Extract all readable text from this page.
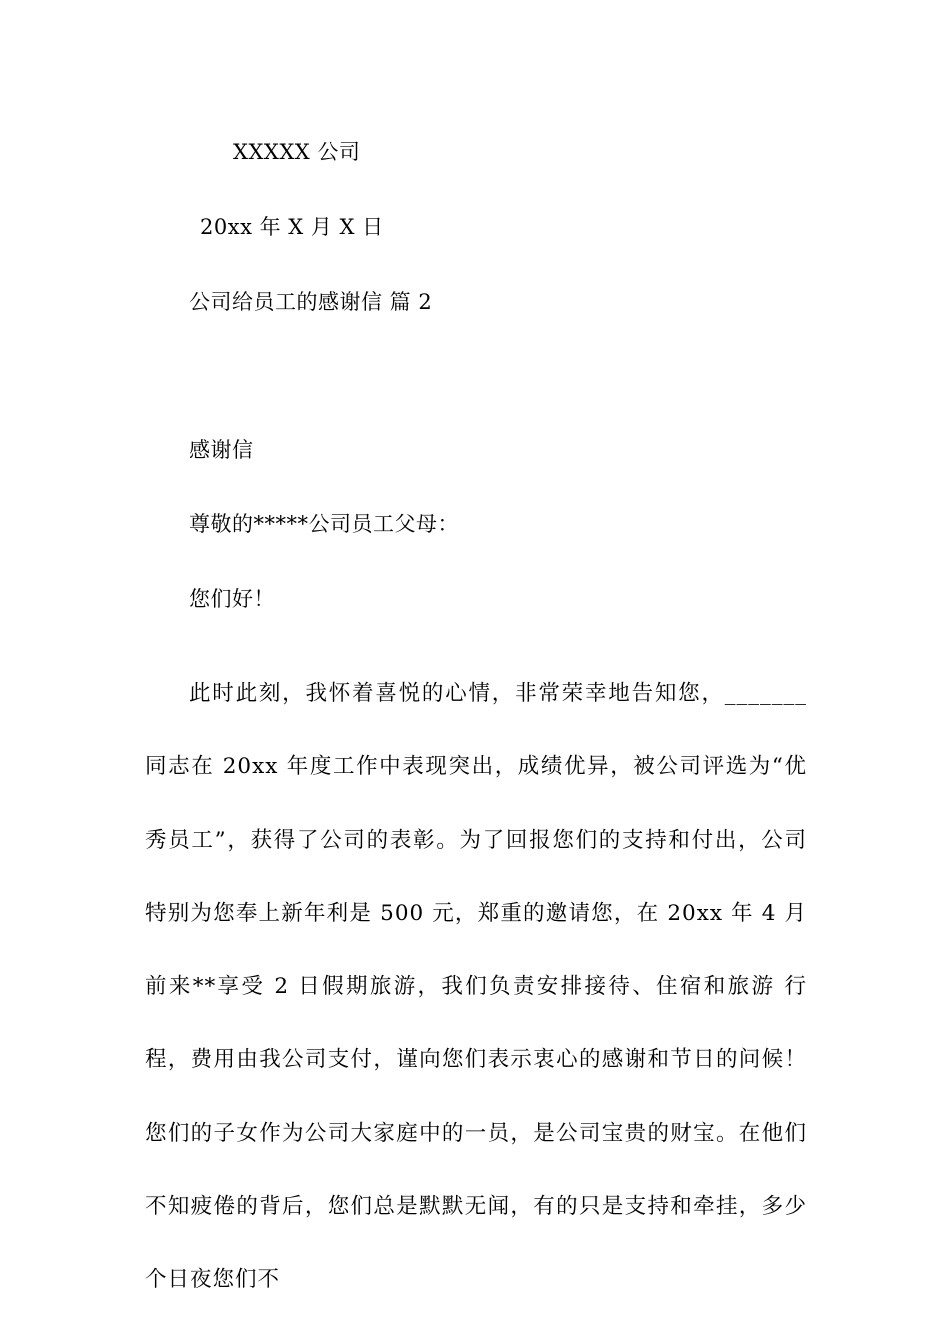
XXXXX 公司
20xx 年 X 月 X 日
公司给员工的感谢信 篇 2
感谢信
尊敬的*****公司员工父母：
您们好！
此时此刻，我怀着喜悦的心情，非常荣幸地告知您，_______同志在 20xx 年度工作中表现突出，成绩优异，被公司评选为“优秀员工”，获得了公司的表彰。为了回报您们的支持和付出，公司特别为您奉上新年利是 500 元，郑重的邀请您，在 20xx 年 4 月前来**享受 2 日假期旅游，我们负责安排接待、住宿和旅游 行程，费用由我公司支付，谨向您们表示衷心的感谢和节日的问候！ 您们的子女作为公司大家庭中的一员，是公司宝贵的财宝。在他们不知疲倦的背后，您们总是默默无闻，有的只是支持和牵挂，多少个日夜您们不
